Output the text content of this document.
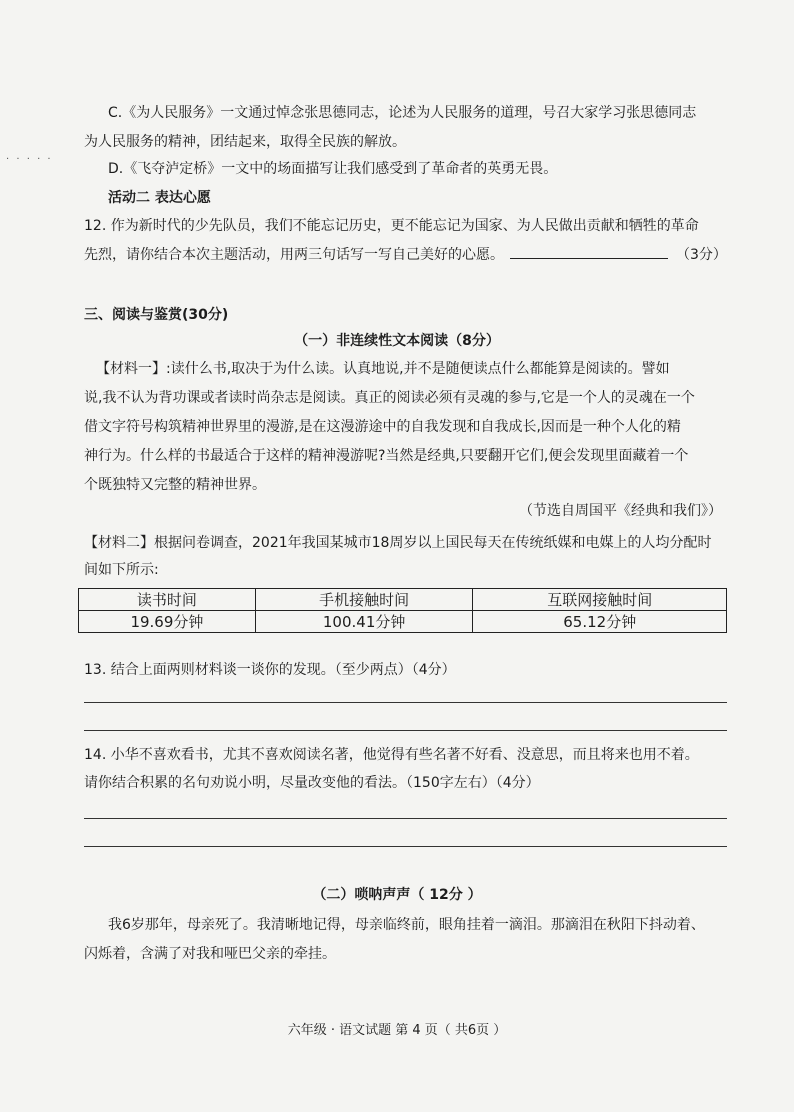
· · · · ·
C.《为人民服务》一文通过悼念张思德同志，论述为人民服务的道理，号召大家学习张思德同志
为人民服务的精神，团结起来，取得全民族的解放。
D.《飞夺泸定桥》一文中的场面描写让我们感受到了革命者的英勇无畏。
活动二 表达心愿
12. 作为新时代的少先队员，我们不能忘记历史，更不能忘记为国家、为人民做出贡献和牺牲的革命
先烈，请你结合本次主题活动，用两三句话写一写自己美好的心愿。	（3分）
三、阅读与鉴赏(30分)
（一）非连续性文本阅读（8分）
【材料一】:读什么书,取决于为什么读。认真地说,并不是随便读点什么都能算是阅读的。譬如
说,我不认为背功课或者读时尚杂志是阅读。真正的阅读必须有灵魂的参与,它是一个人的灵魂在一个
借文字符号构筑精神世界里的漫游,是在这漫游途中的自我发现和自我成长,因而是一种个人化的精
神行为。什么样的书最适合于这样的精神漫游呢?当然是经典,只要翻开它们,便会发现里面藏着一个
个既独特又完整的精神世界。
（节选自周国平《经典和我们》）
【材料二】根据问卷调查，2021年我国某城市18周岁以上国民每天在传统纸媒和电媒上的人均分配时
间如下所示:
读书时间	手机接触时间	互联网接触时间
19.69分钟	100.41分钟	65.12分钟
13. 结合上面两则材料谈一谈你的发现。（至少两点）（4分）
14. 小华不喜欢看书，尤其不喜欢阅读名著，他觉得有些名著不好看、没意思，而且将来也用不着。
请你结合积累的名句劝说小明，尽量改变他的看法。（150字左右）（4分）
（二）唢呐声声（ 12分 ）
我6岁那年，母亲死了。我清晰地记得，母亲临终前，眼角挂着一滴泪。那滴泪在秋阳下抖动着、
闪烁着，含满了对我和哑巴父亲的牵挂。
六年级 · 语文试题 第 4 页（ 共6页 ）
